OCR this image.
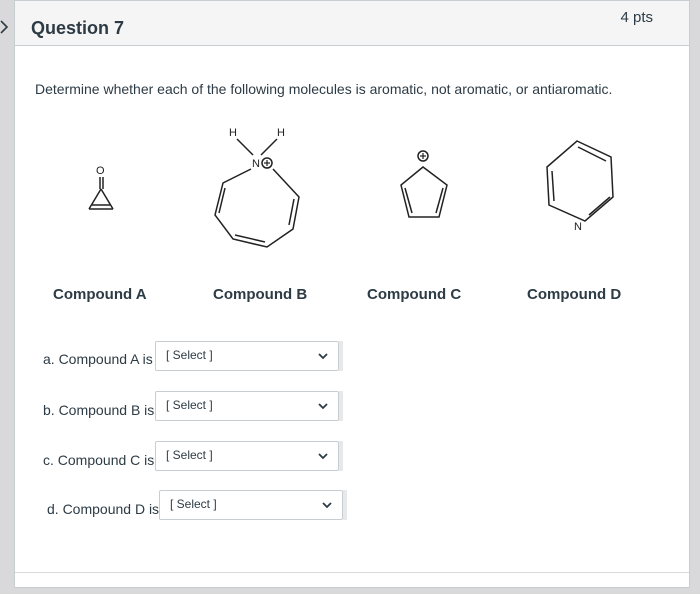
Question 7
4 pts
Determine whether each of the following molecules is aromatic, not aromatic, or antiaromatic.
O
H	H
N
N
Compound A	Compound B	Compound C	Compound D
a. Compound A is [ Select ]
b. Compound B is [ Select ]
c. Compound C is [ Select ]
d. Compound D is [ Select ]
